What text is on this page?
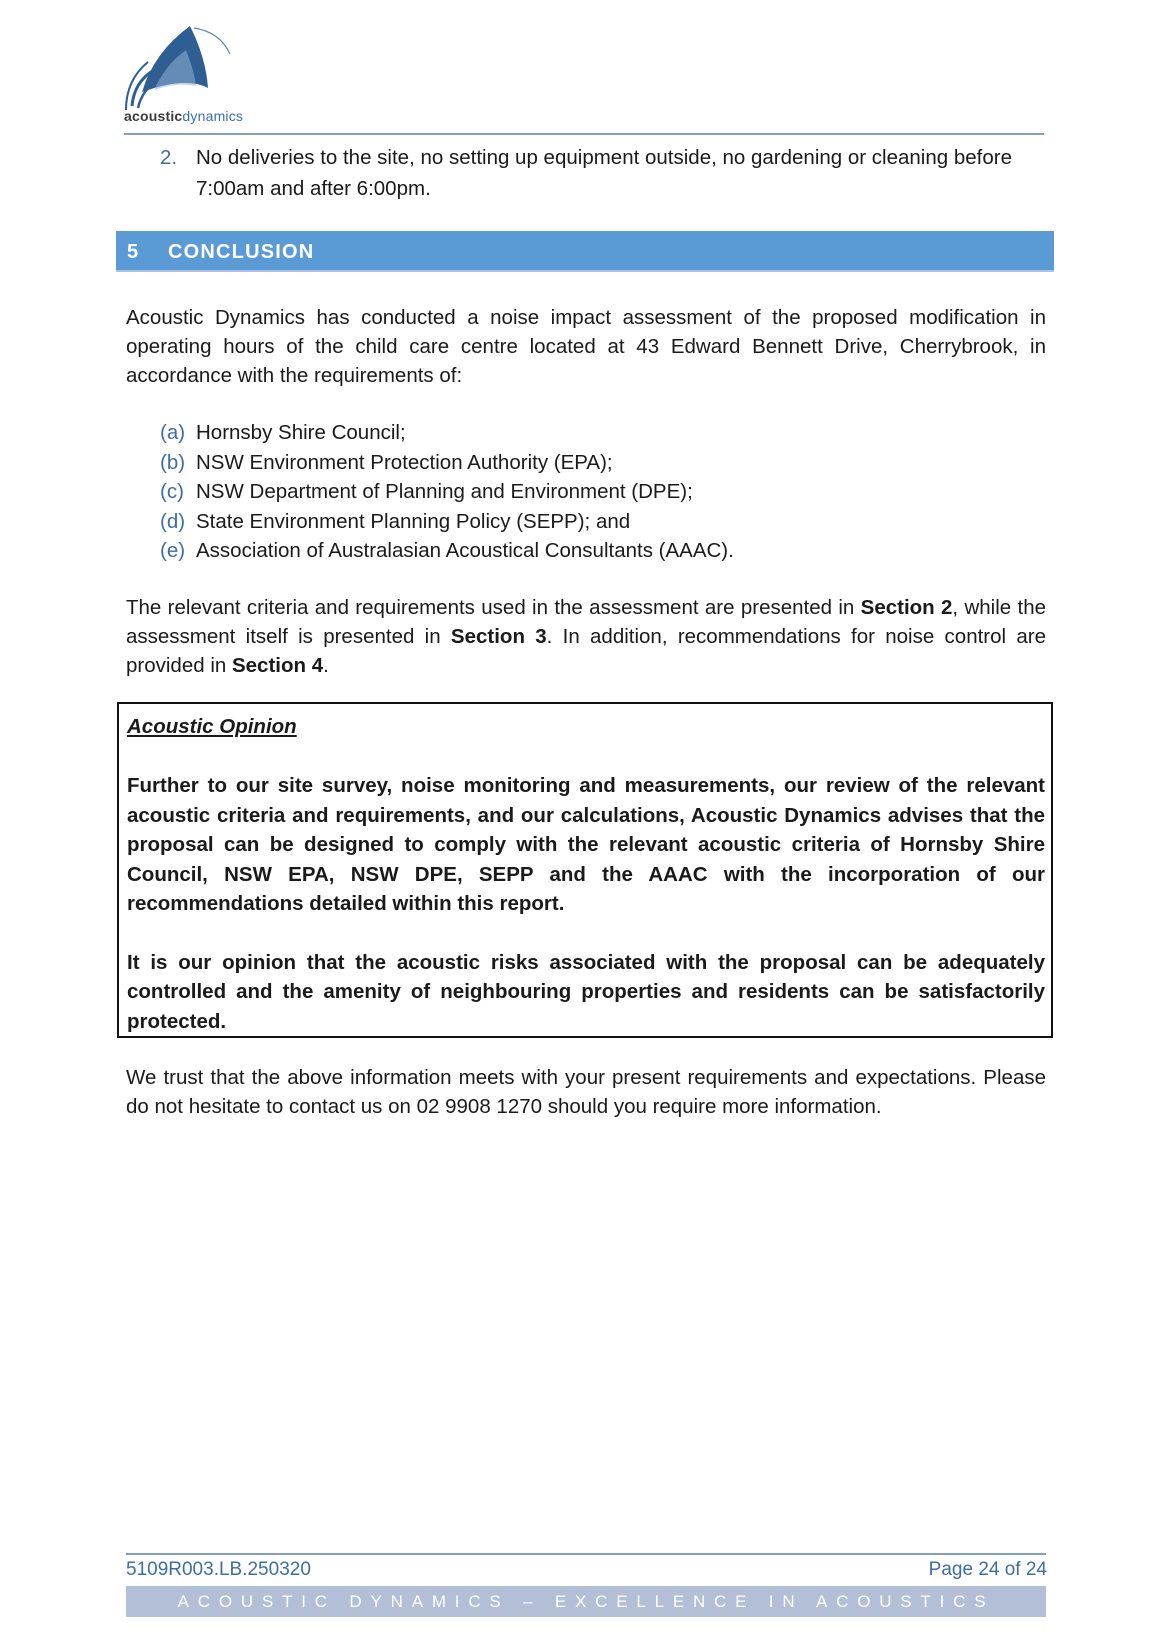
acousticdynamics
2. No deliveries to the site, no setting up equipment outside, no gardening or cleaning before 7:00am and after 6:00pm.
5 CONCLUSION
Acoustic Dynamics has conducted a noise impact assessment of the proposed modification in operating hours of the child care centre located at 43 Edward Bennett Drive, Cherrybrook, in accordance with the requirements of:
(a) Hornsby Shire Council;
(b) NSW Environment Protection Authority (EPA);
(c) NSW Department of Planning and Environment (DPE);
(d) State Environment Planning Policy (SEPP); and
(e) Association of Australasian Acoustical Consultants (AAAC).
The relevant criteria and requirements used in the assessment are presented in Section 2, while the assessment itself is presented in Section 3. In addition, recommendations for noise control are provided in Section 4.
Acoustic Opinion
Further to our site survey, noise monitoring and measurements, our review of the relevant acoustic criteria and requirements, and our calculations, Acoustic Dynamics advises that the proposal can be designed to comply with the relevant acoustic criteria of Hornsby Shire Council, NSW EPA, NSW DPE, SEPP and the AAAC with the incorporation of our recommendations detailed within this report.
It is our opinion that the acoustic risks associated with the proposal can be adequately controlled and the amenity of neighbouring properties and residents can be satisfactorily protected.
We trust that the above information meets with your present requirements and expectations. Please do not hesitate to contact us on 02 9908 1270 should you require more information.
5109R003.LB.250320	Page 24 of 24
ACOUSTIC DYNAMICS – EXCELLENCE IN ACOUSTICS
